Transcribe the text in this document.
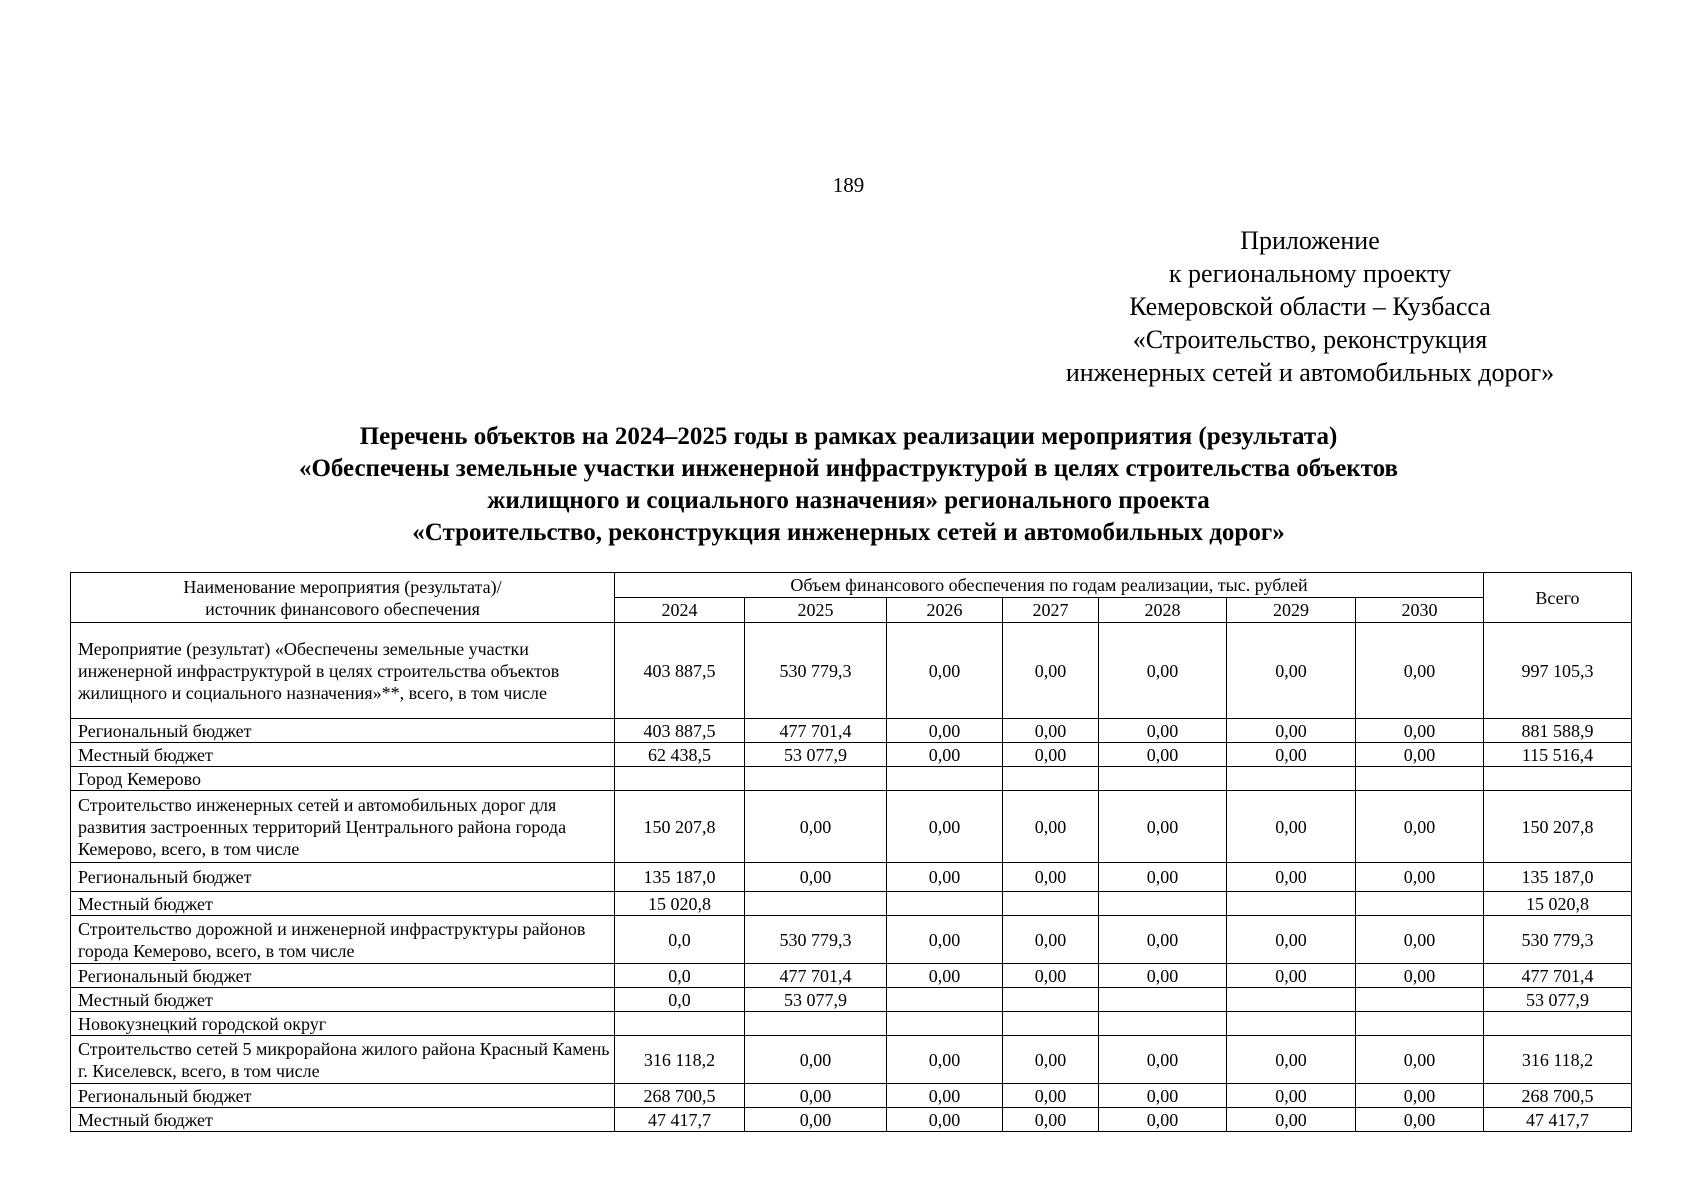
189
Приложение
к региональному проекту
Кемеровской области – Кузбасса
«Строительство, реконструкция
инженерных сетей и автомобильных дорог»
Перечень объектов на 2024–2025 годы в рамках реализации мероприятия (результата)
«Обеспечены земельные участки инженерной инфраструктурой в целях строительства объектов
жилищного и социального назначения» регионального проекта
«Строительство, реконструкция инженерных сетей и автомобильных дорог»
Наименование мероприятия (результата)/
источник финансового обеспечения	Объем финансового обеспечения по годам реализации, тыс. рублей							Всего
	2024	2025	2026	2027	2028	2029	2030	
Мероприятие (результат) «Обеспечены земельные участки инженерной инфраструктурой в целях строительства объектов жилищного и социального назначения»**, всего, в том числе	403 887,5	530 779,3	0,00	0,00	0,00	0,00	0,00	997 105,3
Региональный бюджет	403 887,5	477 701,4	0,00	0,00	0,00	0,00	0,00	881 588,9
Местный бюджет	62 438,5	53 077,9	0,00	0,00	0,00	0,00	0,00	115 516,4
Город Кемерово								
Строительство инженерных сетей и автомобильных дорог для развития застроенных территорий Центрального района города Кемерово, всего, в том числе	150 207,8	0,00	0,00	0,00	0,00	0,00	0,00	150 207,8
Региональный бюджет	135 187,0	0,00	0,00	0,00	0,00	0,00	0,00	135 187,0
Местный бюджет	15 020,8							15 020,8
Строительство дорожной и инженерной инфраструктуры районов города Кемерово, всего, в том числе	0,0	530 779,3	0,00	0,00	0,00	0,00	0,00	530 779,3
Региональный бюджет	0,0	477 701,4	0,00	0,00	0,00	0,00	0,00	477 701,4
Местный бюджет	0,0	53 077,9						53 077,9
Новокузнецкий городской округ								
Строительство сетей 5 микрорайона жилого района Красный Камень г. Киселевск, всего, в том числе	316 118,2	0,00	0,00	0,00	0,00	0,00	0,00	316 118,2
Региональный бюджет	268 700,5	0,00	0,00	0,00	0,00	0,00	0,00	268 700,5
Местный бюджет	47 417,7	0,00	0,00	0,00	0,00	0,00	0,00	47 417,7
